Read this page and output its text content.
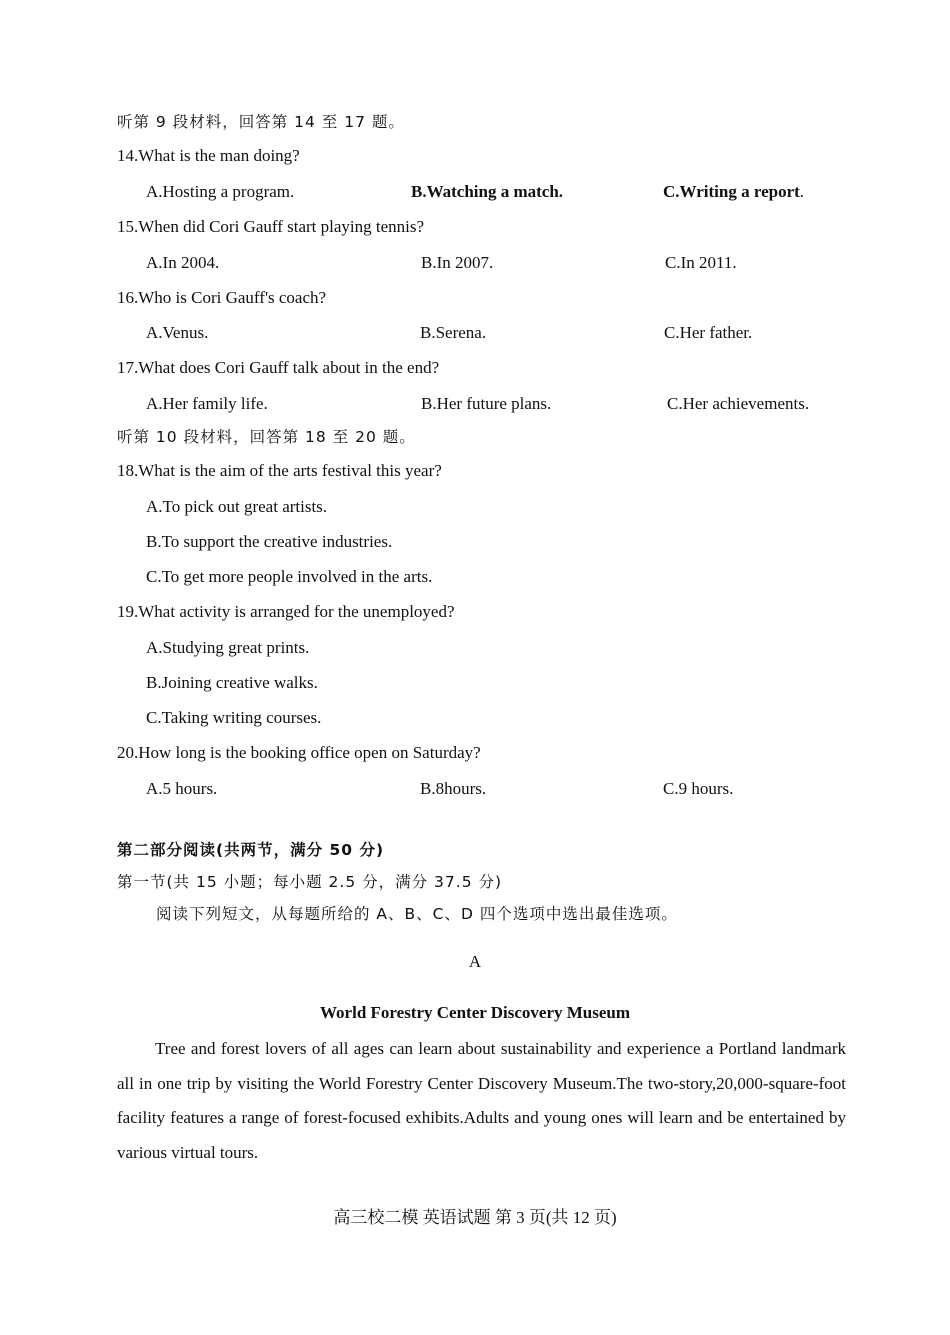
听第 9 段材料，回答第 14 至 17 题。
14.What is the man doing?
A.Hosting a program.	B.Watching a match.	C.Writing a report.
15.When did Cori Gauff start playing tennis?
A.In 2004.	B.In 2007.	C.In 2011.
16.Who is Cori Gauff's coach?
A.Venus.	B.Serena.	C.Her father.
17.What does Cori Gauff talk about in the end?
A.Her family life.	B.Her future plans.	C.Her achievements.
听第 10 段材料，回答第 18 至 20 题。
18.What is the aim of the arts festival this year?
A.To pick out great artists.
B.To support the creative industries.
C.To get more people involved in the arts.
19.What activity is arranged for the unemployed?
A.Studying great prints.
B.Joining creative walks.
C.Taking writing courses.
20.How long is the booking office open on Saturday?
A.5 hours.	B.8hours.	C.9 hours.
第二部分阅读(共两节，满分 50 分)
第一节(共 15 小题；每小题 2.5 分，满分 37.5 分)
阅读下列短文，从每题所给的 A、B、C、D 四个选项中选出最佳选项。
A
World Forestry Center Discovery Museum
Tree and forest lovers of all ages can learn about sustainability and experience a Portland landmark all in one trip by visiting the World Forestry Center Discovery Museum.The two-story,20,000-square-foot facility features a range of forest-focused exhibits.Adults and young ones will learn and be entertained by various virtual tours.
高三校二模 英语试题 第 3 页(共 12 页)
